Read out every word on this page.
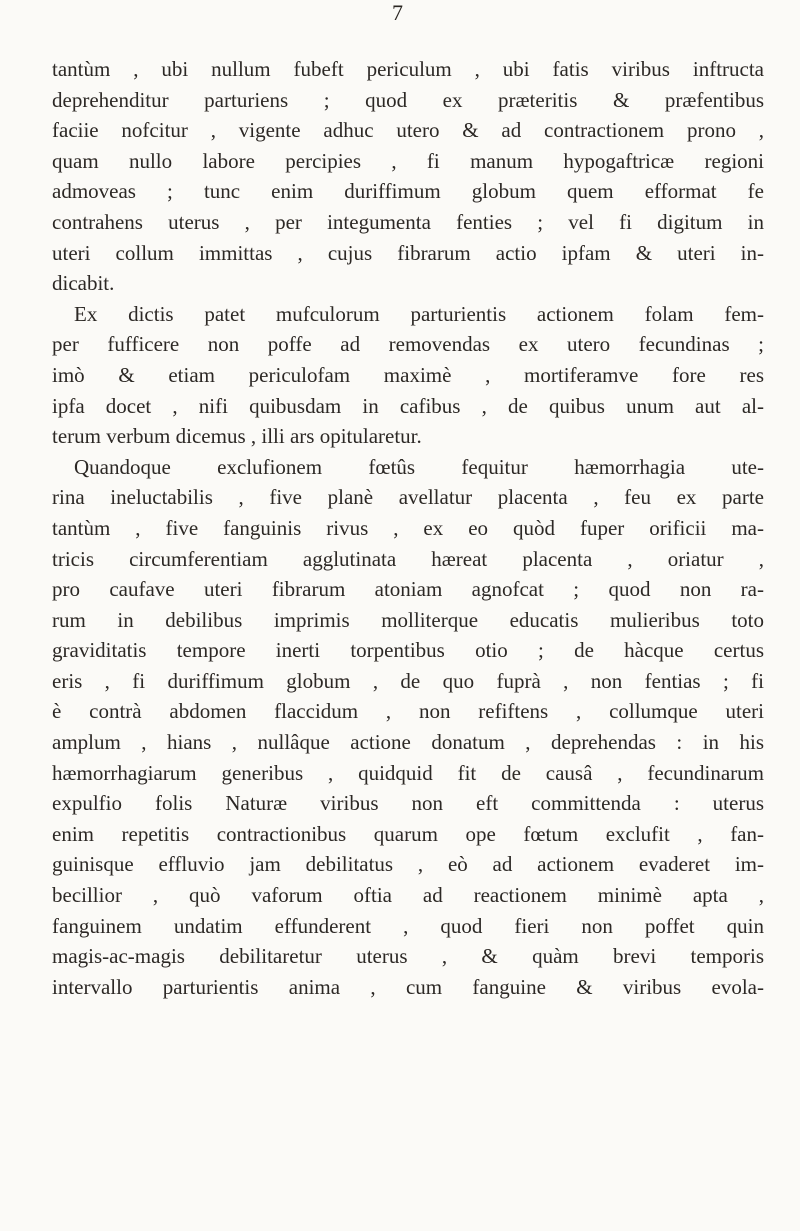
7
tantùm , ubi nullum fubeft periculum , ubi fatis viribus inftructa
deprehenditur parturiens ; quod ex prӕteritis & prӕfentibus
faciie nofcitur , vigente adhuc utero & ad contractionem prono ,
quam nullo labore percipies , fi manum hypogaftricӕ regioni
admoveas ; tunc enim duriffimum globum quem efformat fe
contrahens uterus , per integumenta fenties ; vel fi digitum in
uteri collum immittas , cujus fibrarum actio ipfam & uteri in-
dicabit.
Ex dictis patet mufculorum parturientis actionem folam fem-
per fufficere non poffe ad removendas ex utero fecundinas ;
imò & etiam periculofam maximè , mortiferamve fore res
ipfa docet , nifi quibusdam in cafibus , de quibus unum aut al-
terum verbum dicemus , illi ars opitularetur.
Quandoque exclufionem fœtûs fequitur hӕmorrhagia ute-
rina ineluctabilis , five planè avellatur placenta , feu ex parte
tantùm , five fanguinis rivus , ex eo quòd fuper orificii ma-
tricis circumferentiam agglutinata hӕreat placenta , oriatur ,
pro caufave uteri fibrarum atoniam agnofcat ; quod non ra-
rum in debilibus imprimis molliterque educatis mulieribus toto
graviditatis tempore inerti torpentibus otio ; de hàcque certus
eris , fi duriffimum globum , de quo fuprà , non fentias ; fi
è contrà abdomen flaccidum , non refiftens , collumque uteri
amplum , hians , nullâque actione donatum , deprehendas : in his
hӕmorrhagiarum generibus , quidquid fit de causâ , fecundinarum
expulfio folis Naturӕ viribus non eft committenda : uterus
enim repetitis contractionibus quarum ope fœtum exclufit , fan-
guinisque effluvio jam debilitatus , eò ad actionem evaderet im-
becillior , quò vaforum oftia ad reactionem minimè apta ,
fanguinem undatim effunderent , quod fieri non poffet quin
magis-ac-magis debilitaretur uterus , & quàm brevi temporis
intervallo parturientis anima , cum fanguine & viribus evola-
